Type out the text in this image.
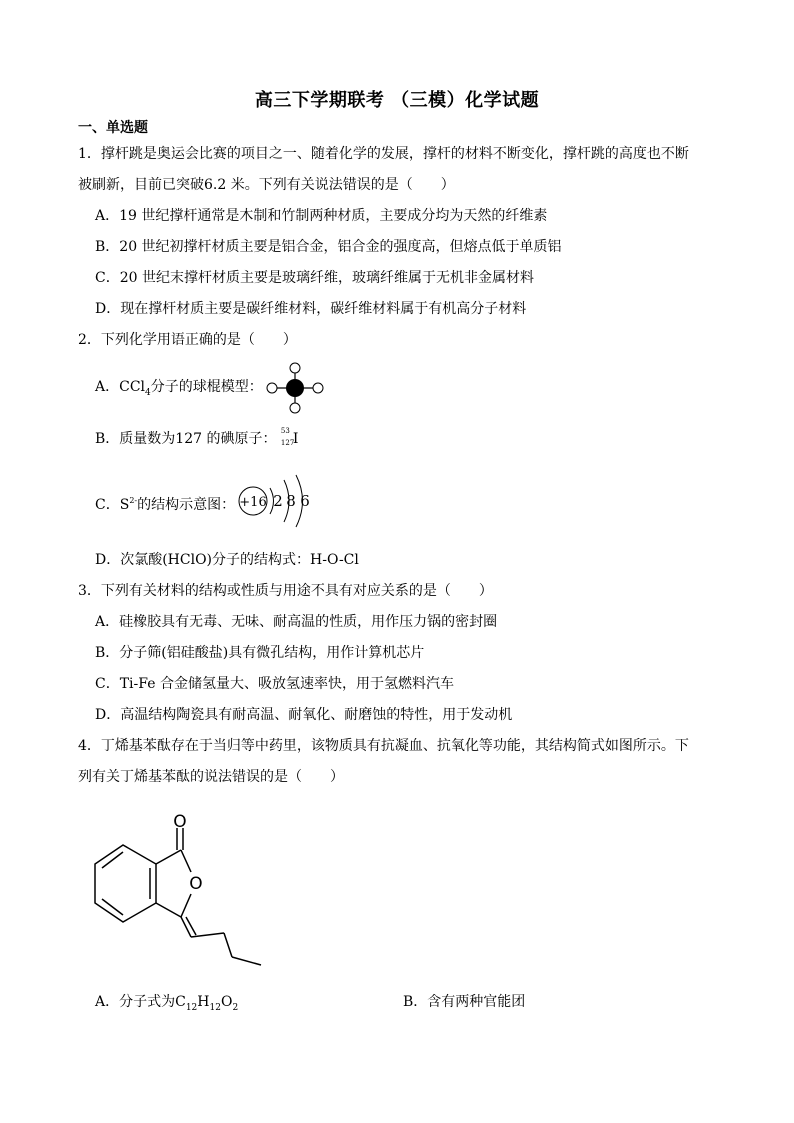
高三下学期联考 （三模）化学试题
一、单选题
1．撑杆跳是奥运会比赛的项目之一、随着化学的发展，撑杆的材料不断变化，撑杆跳的高度也不断
被刷新，目前已突破6.2 米。下列有关说法错误的是（　　）
A．19 世纪撑杆通常是木制和竹制两种材质，主要成分均为天然的纤维素
B．20 世纪初撑杆材质主要是铝合金，铝合金的强度高，但熔点低于单质铝
C．20 世纪末撑杆材质主要是玻璃纤维，玻璃纤维属于无机非金属材料
D．现在撑杆材质主要是碳纤维材料，碳纤维材料属于有机高分子材料
2．下列化学用语正确的是（　　）
A．CCl$_4$分子的球棍模型：
B．质量数为127 的碘原子： 53
127
I
C．$S^{2-}$的结构示意图： +16 2 8 6
D．次氯酸(HClO)分子的结构式：H-O-Cl
3．下列有关材料的结构或性质与用途不具有对应关系的是（　　）
A．硅橡胶具有无毒、无味、耐高温的性质，用作压力锅的密封圈
B．分子筛(铝硅酸盐)具有微孔结构，用作计算机芯片
C．Ti-Fe 合金储氢量大、吸放氢速率快，用于氢燃料汽车
D．高温结构陶瓷具有耐高温、耐氧化、耐磨蚀的特性，用于发动机
4．丁烯基苯酞存在于当归等中药里，该物质具有抗凝血、抗氧化等功能，其结构简式如图所示。下
列有关丁烯基苯酞的说法错误的是（　　）
O
O
A．分子式为$C_{12}H_{12}O_2$	B．含有两种官能团
